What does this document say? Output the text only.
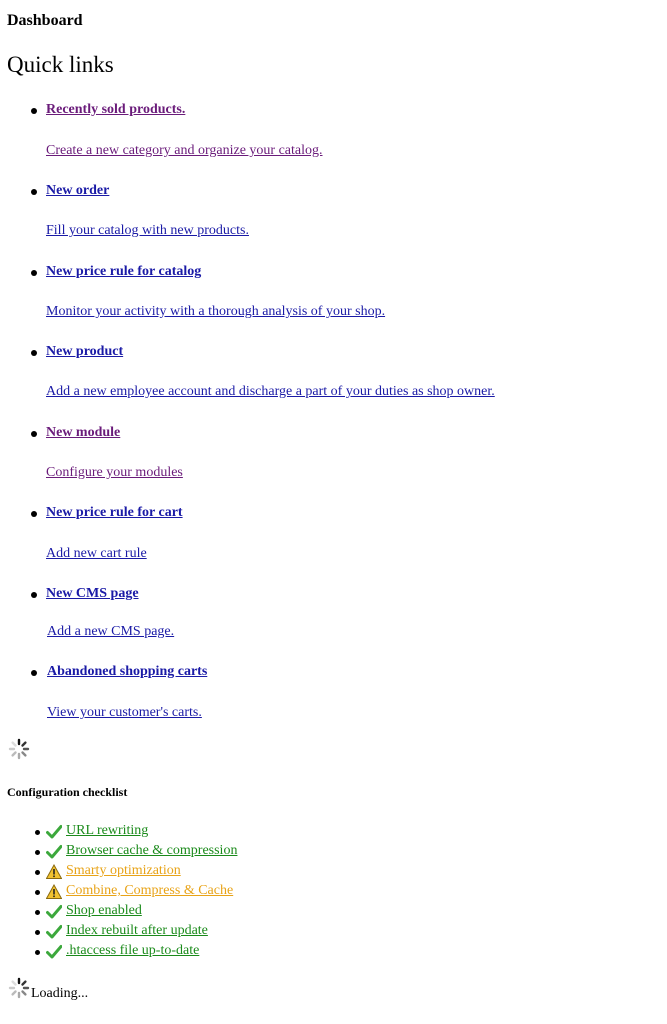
Dashboard
Quick links
Recently sold products.
Create a new category and organize your catalog.
New order
Fill your catalog with new products.
New price rule for catalog
Monitor your activity with a thorough analysis of your shop.
New product
Add a new employee account and discharge a part of your duties as shop owner.
New module
Configure your modules
New price rule for cart
Add new cart rule
New CMS page
Add a new CMS page.
Abandoned shopping carts
View your customer's carts.
Configuration checklist
URL rewriting
Browser cache & compression
Smarty optimization
Combine, Compress & Cache
Shop enabled
Index rebuilt after update
.htaccess file up-to-date
Loading...
